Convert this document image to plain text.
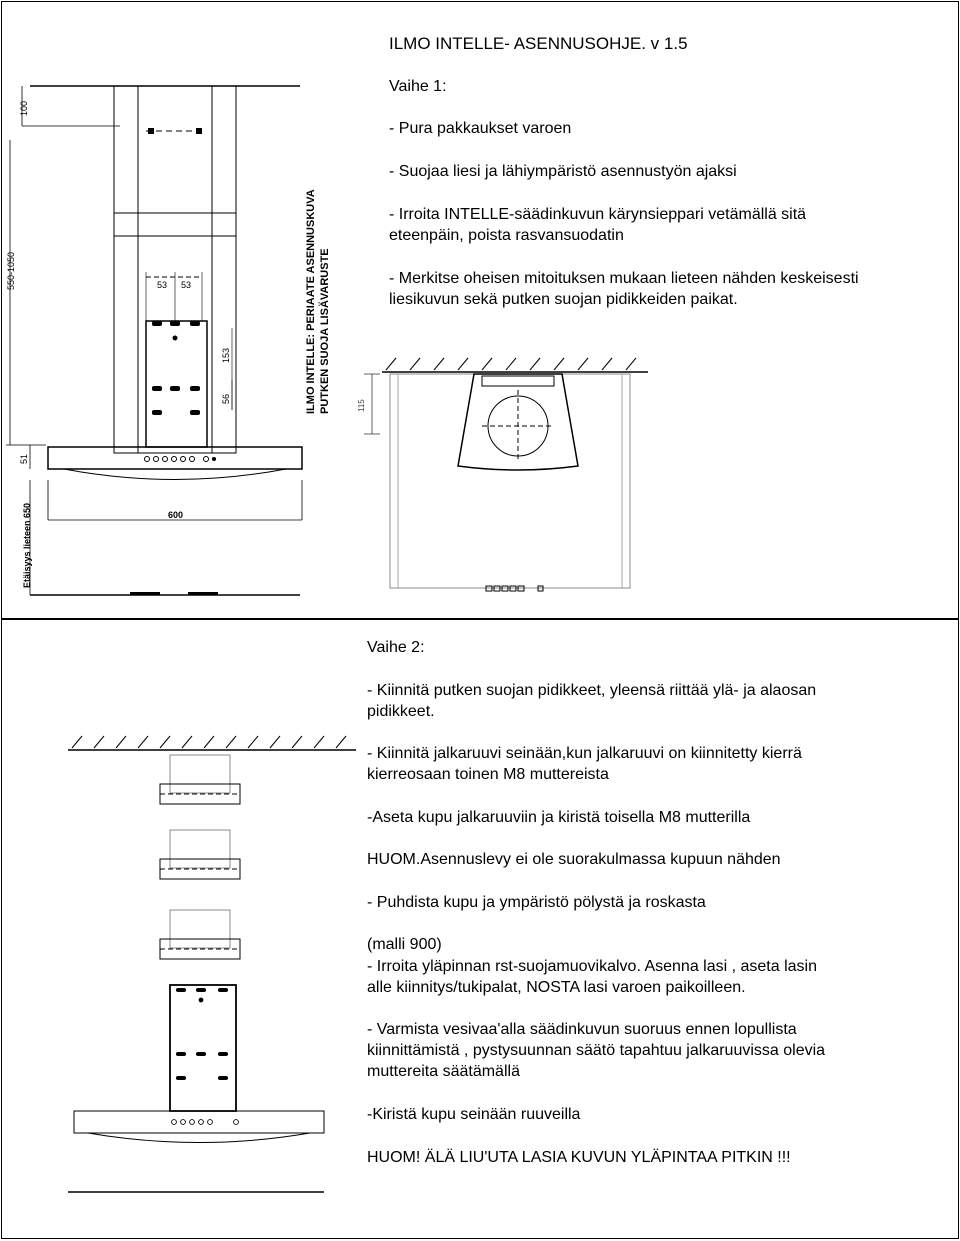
ILMO INTELLE- ASENNUSOHJE. v 1.5

Vaihe 1:

- Pura pakkaukset varoen

- Suojaa liesi ja lähiympäristö asennustyön ajaksi

- Irroita INTELLE-säädinkuvun kärynsieppari vetämällä sitä

eteenpäin, poista rasvansuodatin

- Merkitse oheisen mitoituksen mukaan lieteen nähden keskeisesti

liesikuvun sekä putken suojan pidikkeiden paikat.

Vaihe 2:

- Kiinnitä putken suojan pidikkeet, yleensä riittää ylä- ja alaosan

pidikkeet.

- Kiinnitä jalkaruuvi seinään,kun jalkaruuvi on kiinnitetty kierrä

kierreosaan toinen M8 muttereista

-Aseta kupu jalkaruuviin ja kiristä toisella M8 mutterilla

HUOM.Asennuslevy ei ole suorakulmassa kupuun nähden

- Puhdista kupu ja ympäristö pölystä ja roskasta

(malli 900)

- Irroita yläpinnan rst-suojamuovikalvo. Asenna lasi , aseta lasin

alle kiinnitys/tukipalat, NOSTA lasi varoen paikoilleen.

- Varmista vesivaa'alla säädinkuvun suoruus ennen lopullista

kiinnittämistä , pystysuunnan säätö tapahtuu jalkaruuvissa olevia

muttereita säätämällä

-Kiristä kupu seinään ruuveilla

HUOM! ÄLÄ LIU'UTA LASIA KUVUN YLÄPINTAA PITKIN !!!

100
550-1050	53 53
153
56
51
600
Etäisyys lieteen 650
ILMO INTELLE: PERIAATE ASENNUSKUVA PUTKEN SUOJA LISÄVARUSTE	115
